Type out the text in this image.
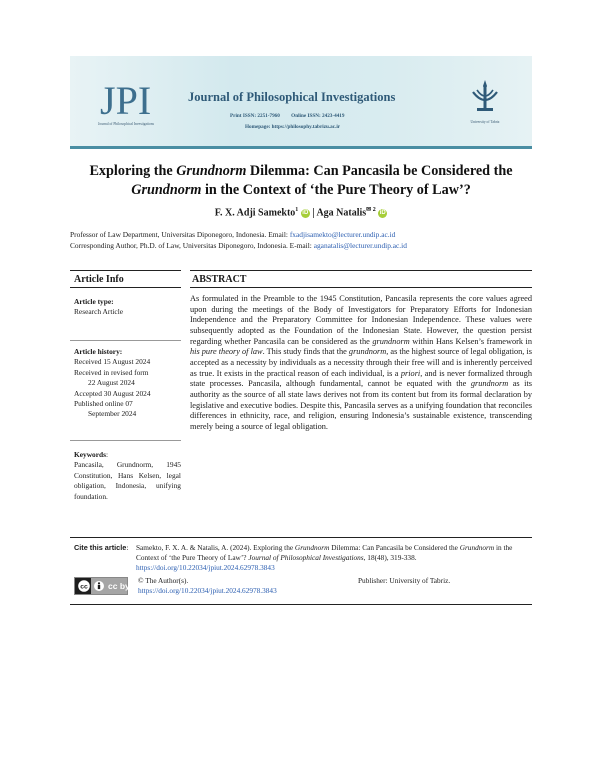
JPI
Journal of Philosophical Investigations
Journal of Philosophical Investigations
Print ISSN: 2251-7960 Online ISSN: 2423-4419
Homepage: https://philosophy.tabrizu.ac.ir
University of Tabriz
Exploring the Grundnorm Dilemma: Can Pancasila be Considered the
Grundnorm in the Context of ‘the Pure Theory of Law’?
F. X. Adji Samekto$^1$ iD | Aga Natalis$^{✉ 2}$ iD
Professor of Law Department, Universitas Diponegoro, Indonesia. Email: fxadjisamekto@lecturer.undip.ac.id
Corresponding Author, Ph.D. of Law, Universitas Diponegoro, Indonesia. E-mail: aganatalis@lecturer.undip.ac.id
Article Info	ABSTRACT
Article type:
Research Article
Article history:
Received 15 August 2024
Received in revised form
22 August 2024
Accepted 30 August 2024
Published online 07
September 2024
Keywords:

Pancasila, Grundnorm, 1945 Constitution, Hans Kelsen, legal obligation, Indonesia, unifying foundation.
As formulated in the Preamble to the 1945 Constitution, Pancasila represents the core values agreed upon during the meetings of the Body of Investigators for Preparatory Efforts for Indonesian Independence and the Preparatory Committee for Indonesian Independence. These values were subsequently adopted as the Foundation of the Indonesian State. However, the question persist regarding whether Pancasila can be considered as the grundnorm within Hans Kelsen’s framework in his pure theory of law. This study finds that the grundnorm, as the highest source of legal obligation, is accepted as a necessity by individuals as a necessity through their free will and is inherently perceived as true. It exists in the practical reason of each individual, is a priori, and is never formalized through state processes. Pancasila, although fundamental, cannot be equated with the grundnorm as its authority as the source of all state laws derives not from its content but from its formal declaration by legislative and executive bodies. Despite this, Pancasila serves as a unifying foundation that reconciles differences in ethnicity, race, and religion, ensuring Indonesia’s sustainable existence, transcending merely being a source of legal obligation.
Cite this article: Samekto, F. X. A. & Natalis, A. (2024). Exploring the Grundnorm Dilemma: Can Pancasila be Considered the Grundnorm in the Context of ‘the Pure Theory of Law’? Journal of Philosophical Investigations, 18(48), 319-338. https://doi.org/10.22034/jpiut.2024.62978.3843
cc cc by
© The Author(s).
https://doi.org/10.22034/jpiut.2024.62978.3843
Publisher: University of Tabriz.
